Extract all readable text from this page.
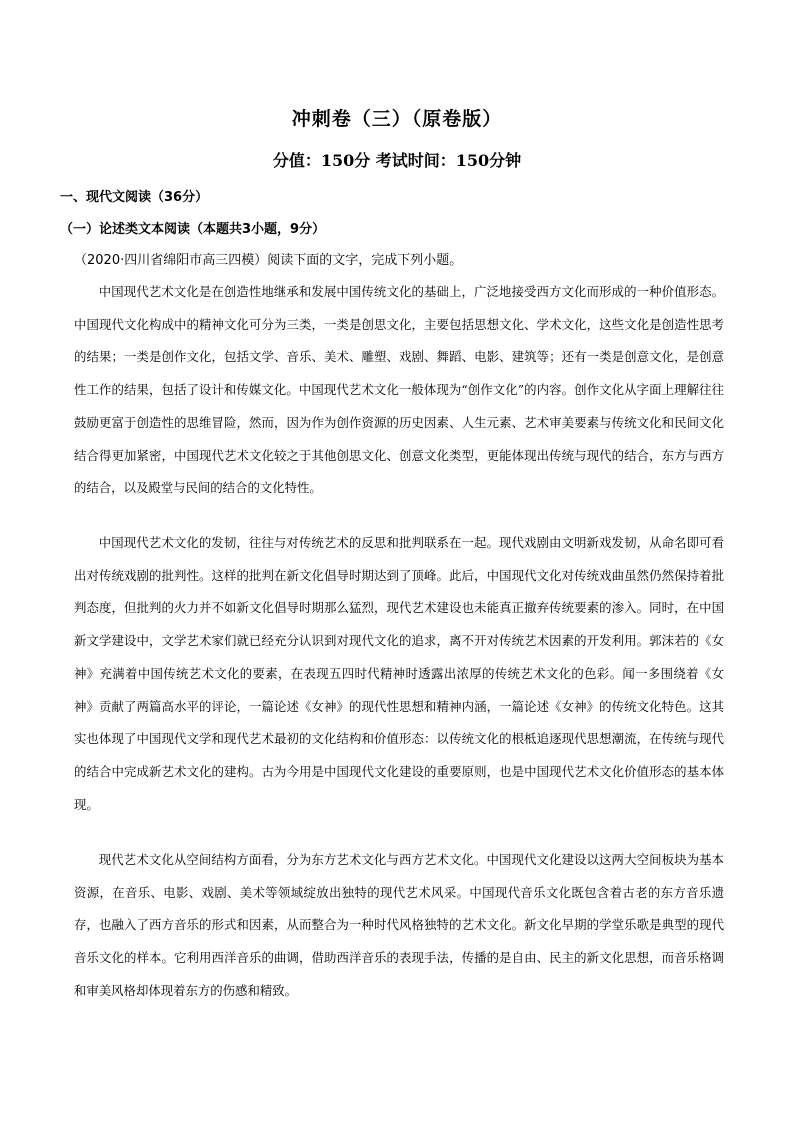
冲刺卷（三）（原卷版）
分值：150分 考试时间：150分钟
一、现代文阅读（36分）
（一）论述类文本阅读（本题共3小题，9分）
（2020·四川省绵阳市高三四模）阅读下面的文字，完成下列小题。

中国现代艺术文化是在创造性地继承和发展中国传统文化的基础上，广泛地接受西方文化而形成的一种价值形态。中国现代文化构成中的精神文化可分为三类，一类是创思文化，主要包括思想文化、学术文化，这些文化是创造性思考的结果；一类是创作文化，包括文学、音乐、美术、雕塑、戏剧、舞蹈、电影、建筑等；还有一类是创意文化，是创意性工作的结果，包括了设计和传媒文化。中国现代艺术文化一般体现为“创作文化”的内容。创作文化从字面上理解往往鼓励更富于创造性的思维冒险，然而，因为作为创作资源的历史因素、人生元素、艺术审美要素与传统文化和民间文化结合得更加紧密，中国现代艺术文化较之于其他创思文化、创意文化类型，更能体现出传统与现代的结合，东方与西方的结合，以及殿堂与民间的结合的文化特性。

中国现代艺术文化的发韧，往往与对传统艺术的反思和批判联系在一起。现代戏剧由文明新戏发韧，从命名即可看出对传统戏剧的批判性。这样的批判在新文化倡导时期达到了顶峰。此后，中国现代文化对传统戏曲虽然仍然保持着批判态度，但批判的火力并不如新文化倡导时期那么猛烈，现代艺术建设也未能真正撤弃传统要素的渗入。同时，在中国新文学建设中，文学艺术家们就已经充分认识到对现代文化的追求，离不开对传统艺术因素的开发利用。郭沫若的《女神》充满着中国传统艺术文化的要素，在表现五四时代精神时透露出浓厚的传统艺术文化的色彩。闻一多围绕着《女神》贡献了两篇高水平的评论，一篇论述《女神》的现代性思想和精神内涵，一篇论述《女神》的传统文化特色。这其实也体现了中国现代文学和现代艺术最初的文化结构和价值形态：以传统文化的根柢追逐现代思想潮流，在传统与现代的结合中完成新艺术文化的建构。古为今用是中国现代文化建设的重要原则，也是中国现代艺术文化价值形态的基本体现。

现代艺术文化从空间结构方面看，分为东方艺术文化与西方艺术文化。中国现代文化建设以这两大空间板块为基本资源，在音乐、电影、戏剧、美术等领域绽放出独特的现代艺术风采。中国现代音乐文化既包含着古老的东方音乐遗存，也融入了西方音乐的形式和因素，从而整合为一种时代风格独特的艺术文化。新文化早期的学堂乐歌是典型的现代音乐文化的样本。它利用西洋音乐的曲调，借助西洋音乐的表现手法，传播的是自由、民主的新文化思想，而音乐格调和审美风格却体现着东方的伤感和精致。
